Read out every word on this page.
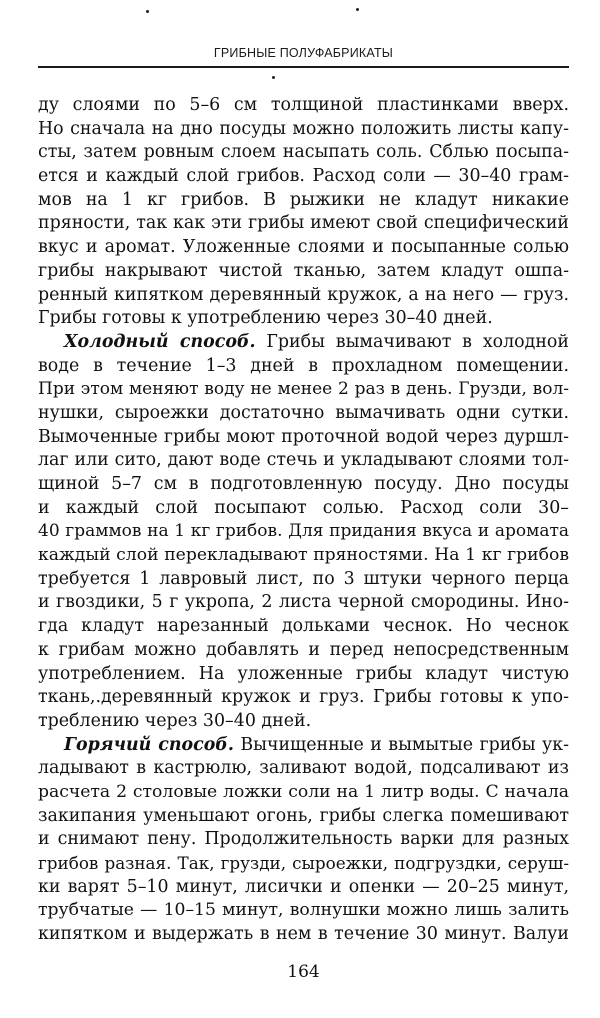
ГРИБНЫЕ ПОЛУФАБРИКАТЫ
ду слоями по 5–6 см толщиной пластинками вверх.
Но сначала на дно посуды можно положить листы капу-
сты, затем ровным слоем насыпать соль. Сблью посыпа-
ется и каждый слой грибов. Расход соли — 30–40 грам-
мов на 1 кг грибов. В рыжики не кладут никакие
пряности, так как эти грибы имеют свой специфический
вкус и аромат. Уложенные слоями и посыпанные солью
грибы накрывают чистой тканью, затем кладут ошпа-
ренный кипятком деревянный кружок, а на него — груз.
Грибы готовы к употреблению через 30–40 дней.
Холодный способ. Грибы вымачивают в холодной
воде в течение 1–3 дней в прохладном помещении.
При этом меняют воду не менее 2 раз в день. Грузди, вол-
нушки, сыроежки достаточно вымачивать одни сутки.
Вымоченные грибы моют проточной водой через дуршл-
лаг или сито, дают воде стечь и укладывают слоями тол-
щиной 5–7 см в подготовленную посуду. Дно посуды
и каждый слой посыпают солью. Расход соли 30–
40 граммов на 1 кг грибов. Для придания вкуса и аромата
каждый слой перекладывают пряностями. На 1 кг грибов
требуется 1 лавровый лист, по 3 штуки черного перца
и гвоздики, 5 г укропа, 2 листа черной смородины. Ино-
гда кладут нарезанный дольками чеснок. Но чеснок
к грибам можно добавлять и перед непосредственным
употреблением. На уложенные грибы кладут чистую
ткань,.деревянный кружок и груз. Грибы готовы к упо-
треблению через 30–40 дней.
Горячий способ. Вычищенные и вымытые грибы ук-
ладывают в кастрюлю, заливают водой, подсаливают из
расчета 2 столовые ложки соли на 1 литр воды. С начала
закипания уменьшают огонь, грибы слегка помешивают
и снимают пену. Продолжительность варки для разных
грибов разная. Так, грузди, сыроежки, подгруздки, серуш-
ки варят 5–10 минут, лисички и опенки — 20–25 минут,
трубчатые — 10–15 минут, волнушки можно лишь залить
кипятком и выдержать в нем в течение 30 минут. Валуи
164
